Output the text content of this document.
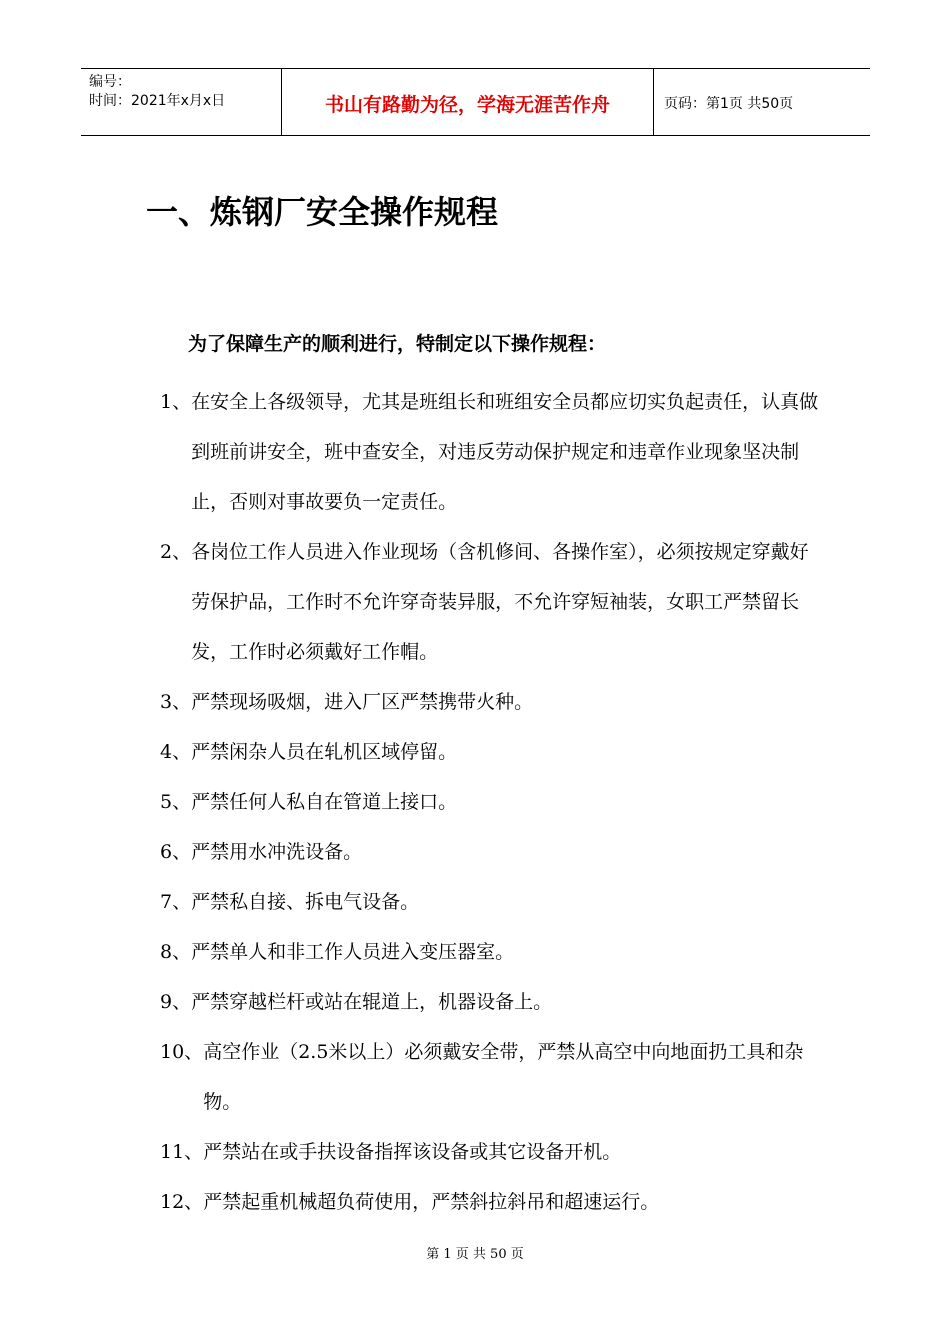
编号：
时间：2021年x月x日	书山有路勤为径，学海无涯苦作舟	页码：第1页 共50页
一、炼钢厂安全操作规程

为了保障生产的顺利进行，特制定以下操作规程：

1、 在安全上各级领导，尤其是班组长和班组安全员都应切实负起责任，认真做到班前讲安全，班中查安全，对违反劳动保护规定和违章作业现象坚决制止，否则对事故要负一定责任。
2、 各岗位工作人员进入作业现场（含机修间、各操作室），必须按规定穿戴好劳保护品，工作时不允许穿奇装异服，不允许穿短袖装，女职工严禁留长发，工作时必须戴好工作帽。
3、 严禁现场吸烟，进入厂区严禁携带火种。
4、 严禁闲杂人员在轧机区域停留。
5、 严禁任何人私自在管道上接口。
6、 严禁用水冲洗设备。
7、 严禁私自接、拆电气设备。
8、 严禁单人和非工作人员进入变压器室。
9、 严禁穿越栏杆或站在辊道上，机器设备上。
10、 高空作业（2.5米以上）必须戴安全带，严禁从高空中向地面扔工具和杂物。
11、 严禁站在或手扶设备指挥该设备或其它设备开机。
12、 严禁起重机械超负荷使用，严禁斜拉斜吊和超速运行。
第 1 页 共 50 页
